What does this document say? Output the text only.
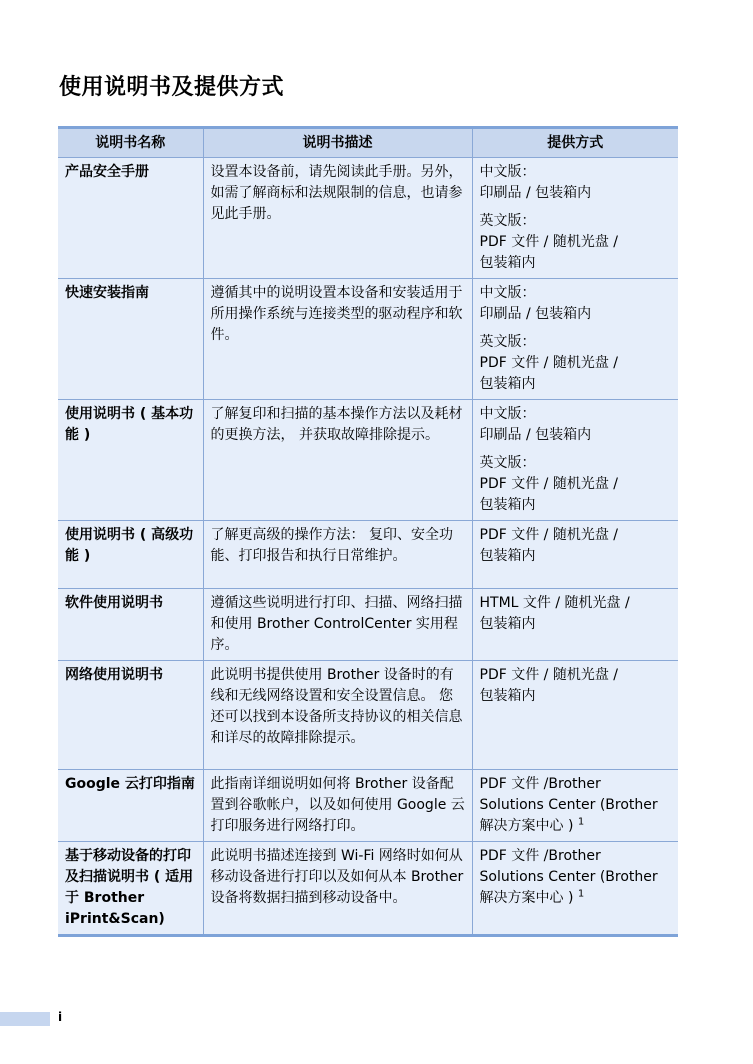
使用说明书及提供方式
说明书名称	说明书描述	提供方式
产品安全手册	设置本设备前，请先阅读此手册。另外，如需了解商标和法规限制的信息，也请参见此手册。	中文版：
印刷品 / 包装箱内
英文版：
PDF 文件 / 随机光盘 /
包装箱内

快速安装指南	遵循其中的说明设置本设备和安装适用于所用操作系统与连接类型的驱动程序和软件。	中文版：
印刷品 / 包装箱内
英文版：
PDF 文件 / 随机光盘 /
包装箱内

使用说明书 ( 基本功能 )	了解复印和扫描的基本操作方法以及耗材的更换方法， 并获取故障排除提示。	中文版：
印刷品 / 包装箱内
英文版：
PDF 文件 / 随机光盘 /
包装箱内

使用说明书 ( 高级功能 )	了解更高级的操作方法： 复印、安全功能、打印报告和执行日常维护。	PDF 文件 / 随机光盘 /
包装箱内

软件使用说明书	遵循这些说明进行打印、扫描、网络扫描和使用 Brother ControlCenter 实用程序。	HTML 文件 / 随机光盘 /
包装箱内

网络使用说明书	此说明书提供使用 Brother 设备时的有线和无线网络设置和安全设置信息。 您还可以找到本设备所支持协议的相关信息和详尽的故障排除提示。	PDF 文件 / 随机光盘 /
包装箱内

Google 云打印指南	此指南详细说明如何将 Brother 设备配置到谷歌帐户，以及如何使用 Google 云打印服务进行网络打印。	PDF 文件 /Brother
Solutions Center (Brother
解决方案中心 ) $^1$

基于移动设备的打印及扫描说明书 ( 适用于 Brother iPrint&Scan)	此说明书描述连接到 Wi-Fi 网络时如何从移动设备进行打印以及如何从本 Brother 设备将数据扫描到移动设备中。	PDF 文件 /Brother
Solutions Center (Brother
解决方案中心 ) $^1$
i
